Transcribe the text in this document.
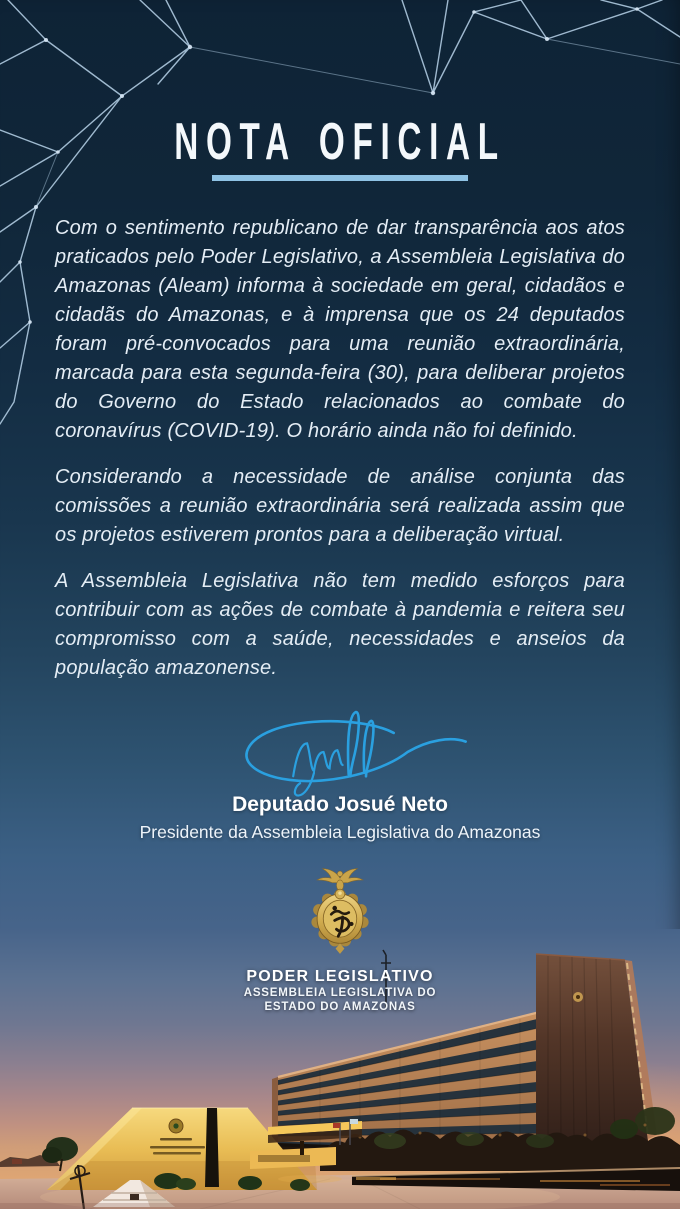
NOTA OFICIAL

Com o sentimento republicano de dar transparência aos atos praticados pelo Poder Legislativo, a Assembleia Legislativa do Amazonas (Aleam) informa à sociedade em geral, cidadãos e cidadãs do Amazonas, e à imprensa que os 24 deputados foram pré-convocados para uma reunião extraordinária, marcada para esta segunda-feira (30), para deliberar projetos do Governo do Estado relacionados ao combate do coronavírus (COVID-19). O horário ainda não foi definido.

Considerando a necessidade de análise conjunta das comissões a reunião extraordinária será realizada assim que os projetos estiverem prontos para a deliberação virtual.

A Assembleia Legislativa não tem medido esforços para contribuir com as ações de combate à pandemia e reitera seu compromisso com a saúde, necessidades e anseios da população amazonense.

Deputado Josué Neto
Presidente da Assembleia Legislativa do Amazonas
PODER LEGISLATIVO
ASSEMBLEIA LEGISLATIVA DO
ESTADO DO AMAZONAS
